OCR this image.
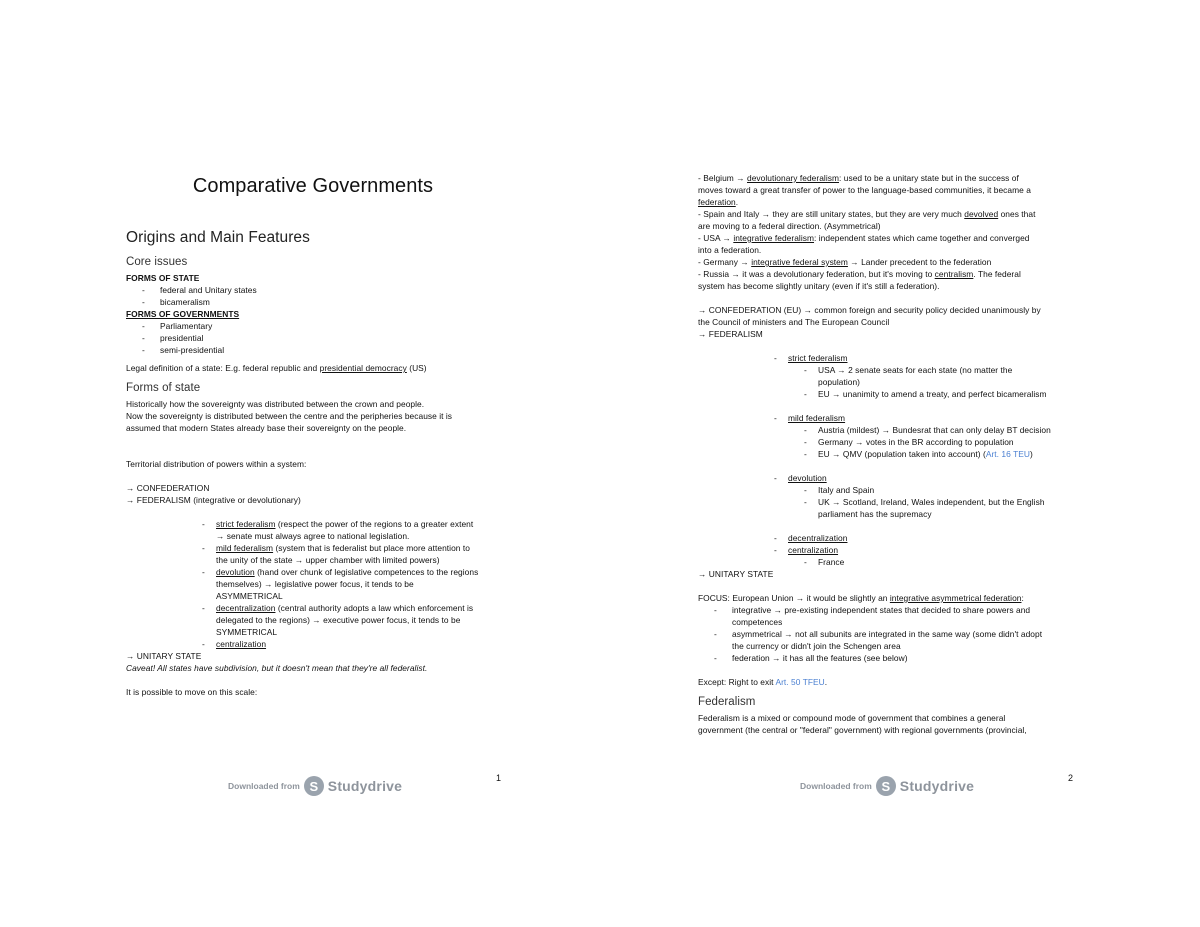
Comparative Governments
Origins and Main Features
Core issues
FORMS OF STATE
- federal and Unitary states
- bicameralism
FORMS OF GOVERNMENTS
- Parliamentary
- presidential
- semi-presidential
Legal definition of a state: E.g. federal republic and presidential democracy (US)
Forms of state
Historically how the sovereignty was distributed between the crown and people.
Now the sovereignty is distributed between the centre and the peripheries because it is
assumed that modern States already base their sovereignty on the people.
Territorial distribution of powers within a system:
→ CONFEDERATION
→ FEDERALISM (integrative or devolutionary)
- strict federalism (respect the power of the regions to a greater extent
→ senate must always agree to national legislation.
- mild federalism (system that is federalist but place more attention to
the unity of the state → upper chamber with limited powers)
- devolution (hand over chunk of legislative competences to the regions
themselves) → legislative power focus, it tends to be
ASYMMETRICAL
- decentralization (central authority adopts a law which enforcement is
delegated to the regions) → executive power focus, it tends to be
SYMMETRICAL
- centralization
→ UNITARY STATE
Caveat! All states have subdivision, but it doesn't mean that they're all federalist.
It is possible to move on this scale:
Downloaded from S Studydrive	1
- Belgium → devolutionary federalism: used to be a unitary state but in the success of
moves toward a great transfer of power to the language-based communities, it became a
federation.
- Spain and Italy → they are still unitary states, but they are very much devolved ones that
are moving to a federal direction. (Asymmetrical)
- USA → integrative federalism: independent states which came together and converged
into a federation.
- Germany → integrative federal system → Lander precedent to the federation
- Russia → it was a devolutionary federation, but it's moving to centralism. The federal
system has become slightly unitary (even if it's still a federation).
→ CONFEDERATION (EU) → common foreign and security policy decided unanimously by
the Council of ministers and The European Council
→ FEDERALISM
- strict federalism
- USA → 2 senate seats for each state (no matter the
population)
- EU → unanimity to amend a treaty, and perfect bicameralism
- mild federalism
- Austria (mildest) → Bundesrat that can only delay BT decision
- Germany → votes in the BR according to population
- EU → QMV (population taken into account) (Art. 16 TEU)
- devolution
- Italy and Spain
- UK → Scotland, Ireland, Wales independent, but the English
parliament has the supremacy
- decentralization
- centralization
- France
→ UNITARY STATE
FOCUS: European Union → it would be slightly an integrative asymmetrical federation:
- integrative → pre-existing independent states that decided to share powers and
competences
- asymmetrical → not all subunits are integrated in the same way (some didn't adopt
the currency or didn't join the Schengen area
- federation → it has all the features (see below)
Except: Right to exit Art. 50 TFEU.
Federalism
Federalism is a mixed or compound mode of government that combines a general
government (the central or "federal" government) with regional governments (provincial,
Downloaded from S Studydrive	2
